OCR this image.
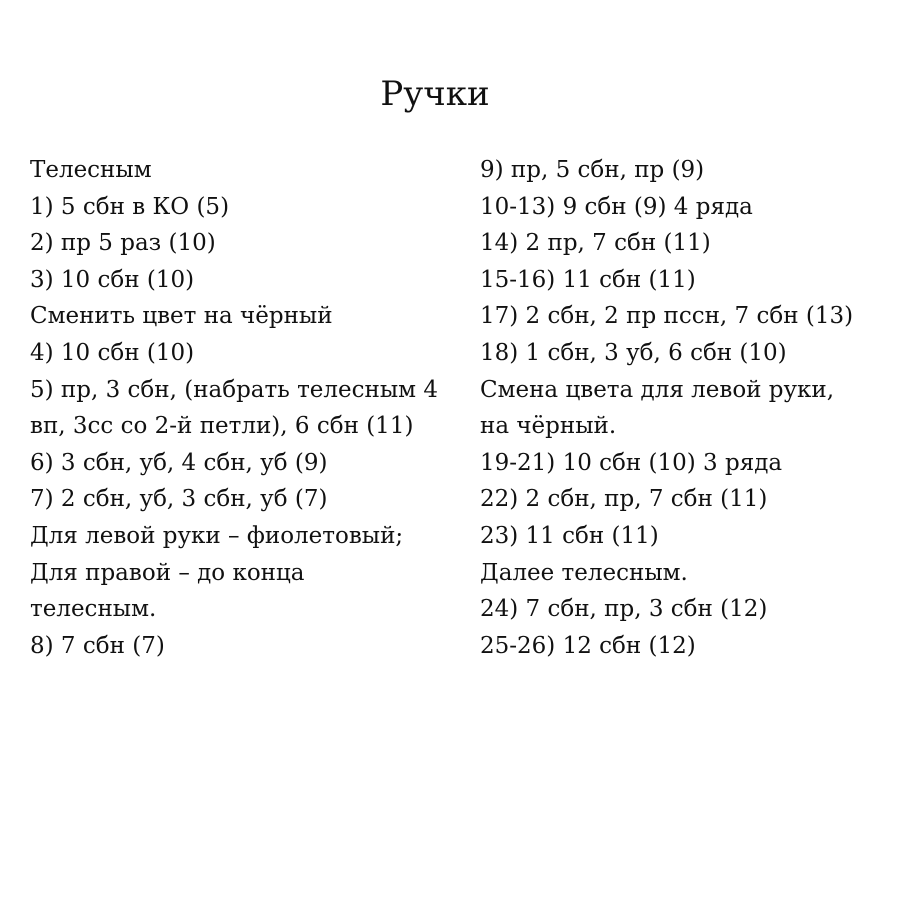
Ручки
Телесным
1) 5 сбн в КО (5)
2) пр 5 раз (10)
3) 10 сбн (10)
Сменить цвет на чёрный
4) 10 сбн (10)
5) пр, 3 сбн, (набрать телесным 4
вп, 3сс со 2-й петли), 6 сбн (11)
6) 3 сбн, уб, 4 сбн, уб (9)
7) 2 сбн, уб, 3 сбн, уб (7)
Для левой руки – фиолетовый;
Для правой – до конца
телесным.
8) 7 сбн (7)
9) пр, 5 сбн, пр (9)
10-13) 9 сбн (9) 4 ряда
14) 2 пр, 7 сбн (11)
15-16) 11 сбн (11)
17) 2 сбн, 2 пр пссн, 7 сбн (13)
18) 1 сбн, 3 уб, 6 сбн (10)
Смена цвета для левой руки,
на чёрный.
19-21) 10 сбн (10) 3 ряда
22) 2 сбн, пр, 7 сбн (11)
23) 11 сбн (11)
Далее телесным.
24) 7 сбн, пр, 3 сбн (12)
25-26) 12 сбн (12)
